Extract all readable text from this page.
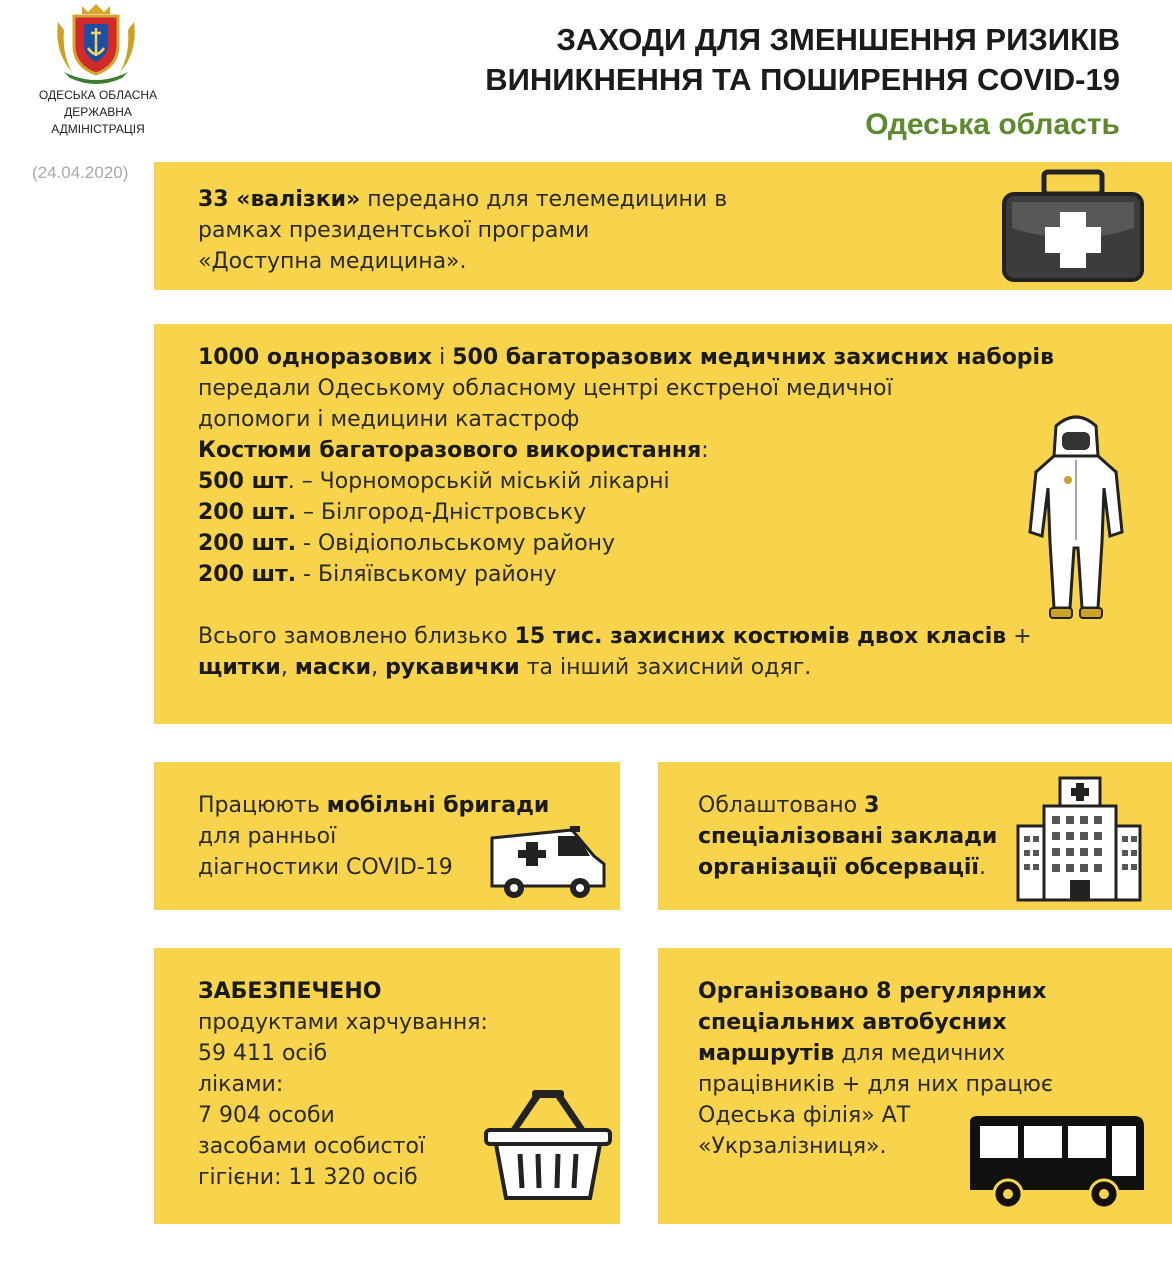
ОДЕСЬКА ОБЛАСНА
ДЕРЖАВНА
АДМІНІСТРАЦІЯ
(24.04.2020)
ЗАХОДИ ДЛЯ ЗМЕНШЕННЯ РИЗИКІВ
ВИНИКНЕННЯ ТА ПОШИРЕННЯ COVID-19
Одеська область
33 «валізки» передано для телемедицини в
рамках президентської програми
«Доступна медицина».
1000 одноразових і 500 багаторазових медичних захисних наборів
передали Одеському обласному центрі екстреної медичної
допомоги і медицини катастроф
Костюми багаторазового використання:
500 шт. – Чорноморській міській лікарні
200 шт. – Білгород-Дністровську
200 шт. - Овідіопольському району
200 шт. - Біляївському району
Всього замовлено близько 15 тис. захисних костюмів двох класів +
щитки, маски, рукавички та інший захисний одяг.
Працюють мобільні бригади
для ранньої
діагностики COVID-19
Облаштовано 3
спеціалізовані заклади
організації обсервації.
ЗАБЕЗПЕЧЕНО
продуктами харчування:
59 411 осіб
ліками:
7 904 особи
засобами особистої
гігієни: 11 320 осіб
Організовано 8 регулярних
спеціальних автобусних
маршрутів для медичних
працівників + для них працює
Одеська філія» АТ
«Укрзалізниця».
